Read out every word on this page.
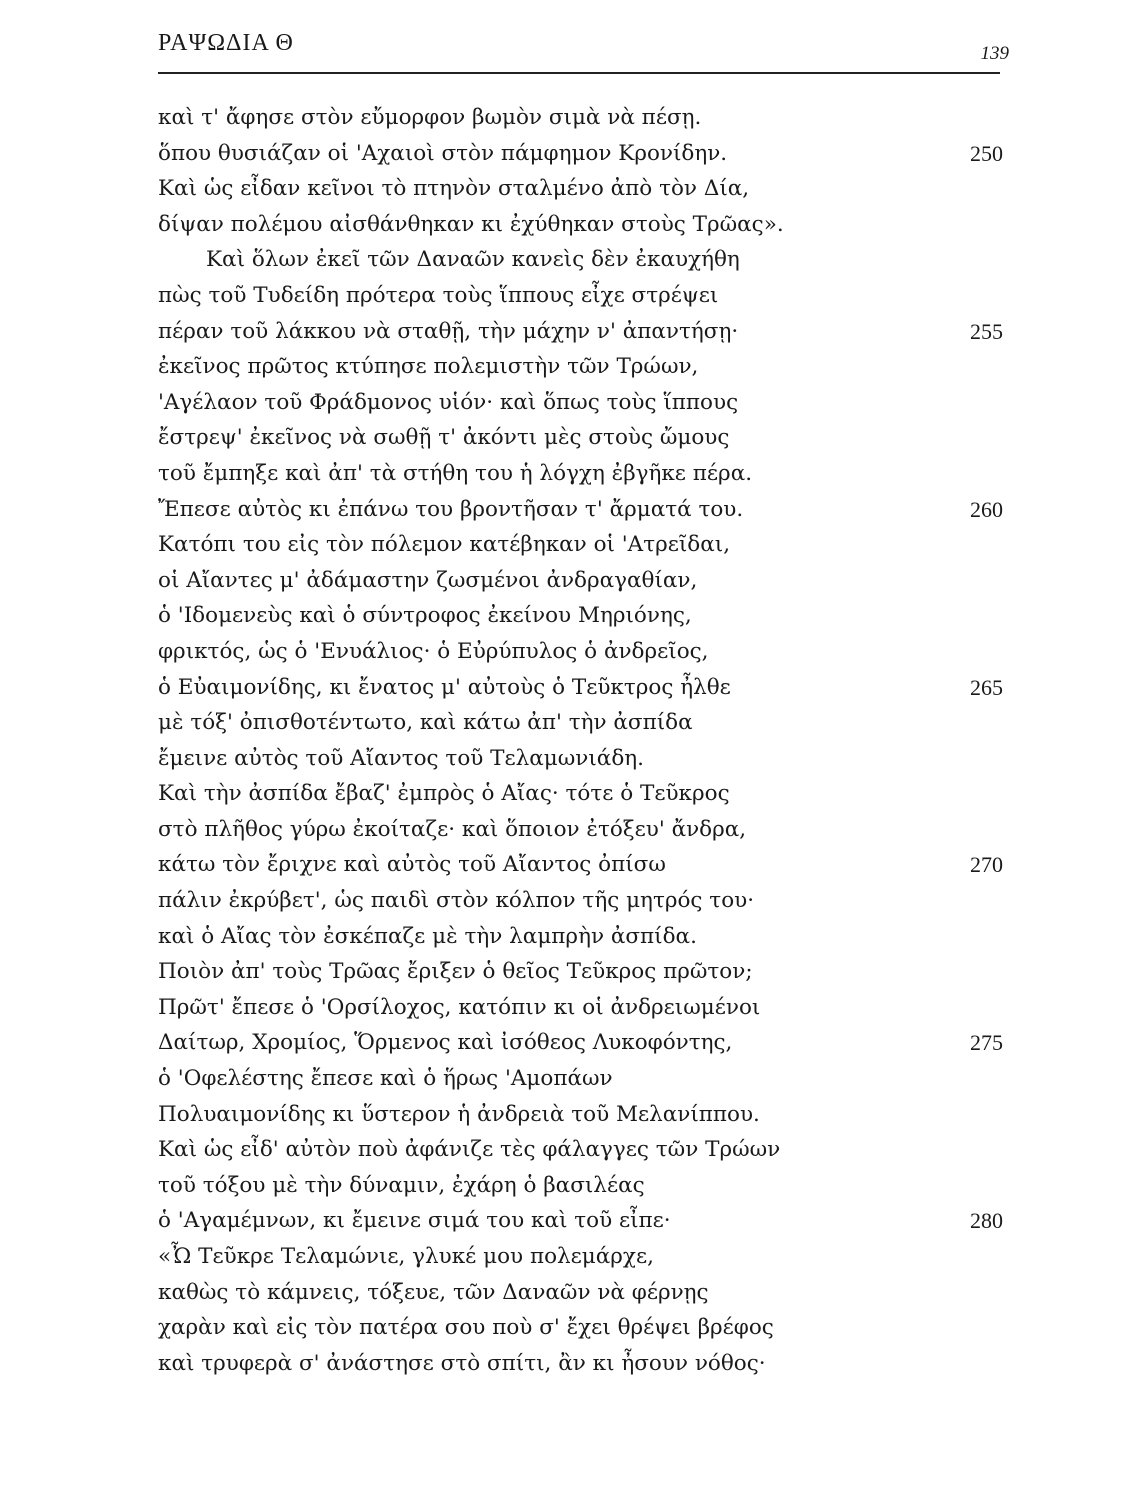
ΡΑΨΩΔΙΑ Θ	139
καὶ τ' ἄφησε στὸν εὔμορφον βωμὸν σιμὰ νὰ πέσῃ.
ὅπου θυσιάζαν οἱ 'Αχαιοὶ στὸν πάμφημον Κρονίδην.	250
Καὶ ὡς εἶδαν κεῖνοι τὸ πτηνὸν σταλμένο ἀπὸ τὸν Δία,
δίψαν πολέμου αἰσθάνθηκαν κι ἐχύθηκαν στοὺς Τρῶας».
Καὶ ὅλων ἐκεῖ τῶν Δαναῶν κανεὶς δὲν ἐκαυχήθη
πὼς τοῦ Τυδείδη πρότερα τοὺς ἵππους εἶχε στρέψει
πέραν τοῦ λάκκου νὰ σταθῇ, τὴν μάχην ν' ἀπαντήσῃ·	255
ἐκεῖνος πρῶτος κτύπησε πολεμιστὴν τῶν Τρώων,
'Αγέλαον τοῦ Φράδμονος υἱόν· καὶ ὅπως τοὺς ἵππους
ἔστρεψ' ἐκεῖνος νὰ σωθῇ τ' ἀκόντι μὲς στοὺς ὤμους
τοῦ ἔμπηξε καὶ ἀπ' τὰ στήθη του ἡ λόγχη ἐβγῆκε πέρα.
Ἔπεσε αὐτὸς κι ἐπάνω του βροντῆσαν τ' ἄρματά του.	260
Κατόπι του εἰς τὸν πόλεμον κατέβηκαν οἱ 'Ατρεῖδαι,
οἱ Αἴαντες μ' ἀδάμαστην ζωσμένοι ἀνδραγαθίαν,
ὁ 'Ιδομενεὺς καὶ ὁ σύντροφος ἐκείνου Μηριόνης,
φρικτός, ὡς ὁ 'Ενυάλιος· ὁ Εὐρύπυλος ὁ ἀνδρεῖος,
ὁ Εὐαιμονίδης, κι ἔνατος μ' αὐτοὺς ὁ Τεῦκτρος ἦλθε	265
μὲ τόξ' ὀπισθοτέντωτο, καὶ κάτω ἀπ' τὴν ἀσπίδα
ἔμεινε αὐτὸς τοῦ Αἴαντος τοῦ Τελαμωνιάδη.
Καὶ τὴν ἀσπίδα ἔβαζ' ἐμπρὸς ὁ Αἴας· τότε ὁ Τεῦκρος
στὸ πλῆθος γύρω ἐκοίταζε· καὶ ὅποιον ἐτόξευ' ἄνδρα,
κάτω τὸν ἔριχνε καὶ αὐτὸς τοῦ Αἴαντος ὀπίσω	270
πάλιν ἐκρύβετ', ὡς παιδὶ στὸν κόλπον τῆς μητρός του·
καὶ ὁ Αἴας τὸν ἐσκέπαζε μὲ τὴν λαμπρὴν ἀσπίδα.
Ποιὸν ἀπ' τοὺς Τρῶας ἔριξεν ὁ θεῖος Τεῦκρος πρῶτον;
Πρῶτ' ἔπεσε ὁ 'Ορσίλοχος, κατόπιν κι οἱ ἀνδρειωμένοι
Δαίτωρ, Χρομίος, Ὅρμενος καὶ ἰσόθεος Λυκοφόντης,	275
ὁ 'Οφελέστης ἔπεσε καὶ ὁ ἥρως 'Αμοπάων
Πολυαιμονίδης κι ὕστερον ἡ ἀνδρειὰ τοῦ Μελανίππου.
Καὶ ὡς εἶδ' αὐτὸν ποὺ ἀφάνιζε τὲς φάλαγγες τῶν Τρώων
τοῦ τόξου μὲ τὴν δύναμιν, ἐχάρη ὁ βασιλέας
ὁ 'Αγαμέμνων, κι ἔμεινε σιμά του καὶ τοῦ εἶπε·	280
«Ὦ Τεῦκρε Τελαμώνιε, γλυκέ μου πολεμάρχε,
καθὼς τὸ κάμνεις, τόξευε, τῶν Δαναῶν νὰ φέρνῃς
χαρὰν καὶ εἰς τὸν πατέρα σου ποὺ σ' ἔχει θρέψει βρέφος
καὶ τρυφερὰ σ' ἀνάστησε στὸ σπίτι, ἂν κι ἦσουν νόθος·
